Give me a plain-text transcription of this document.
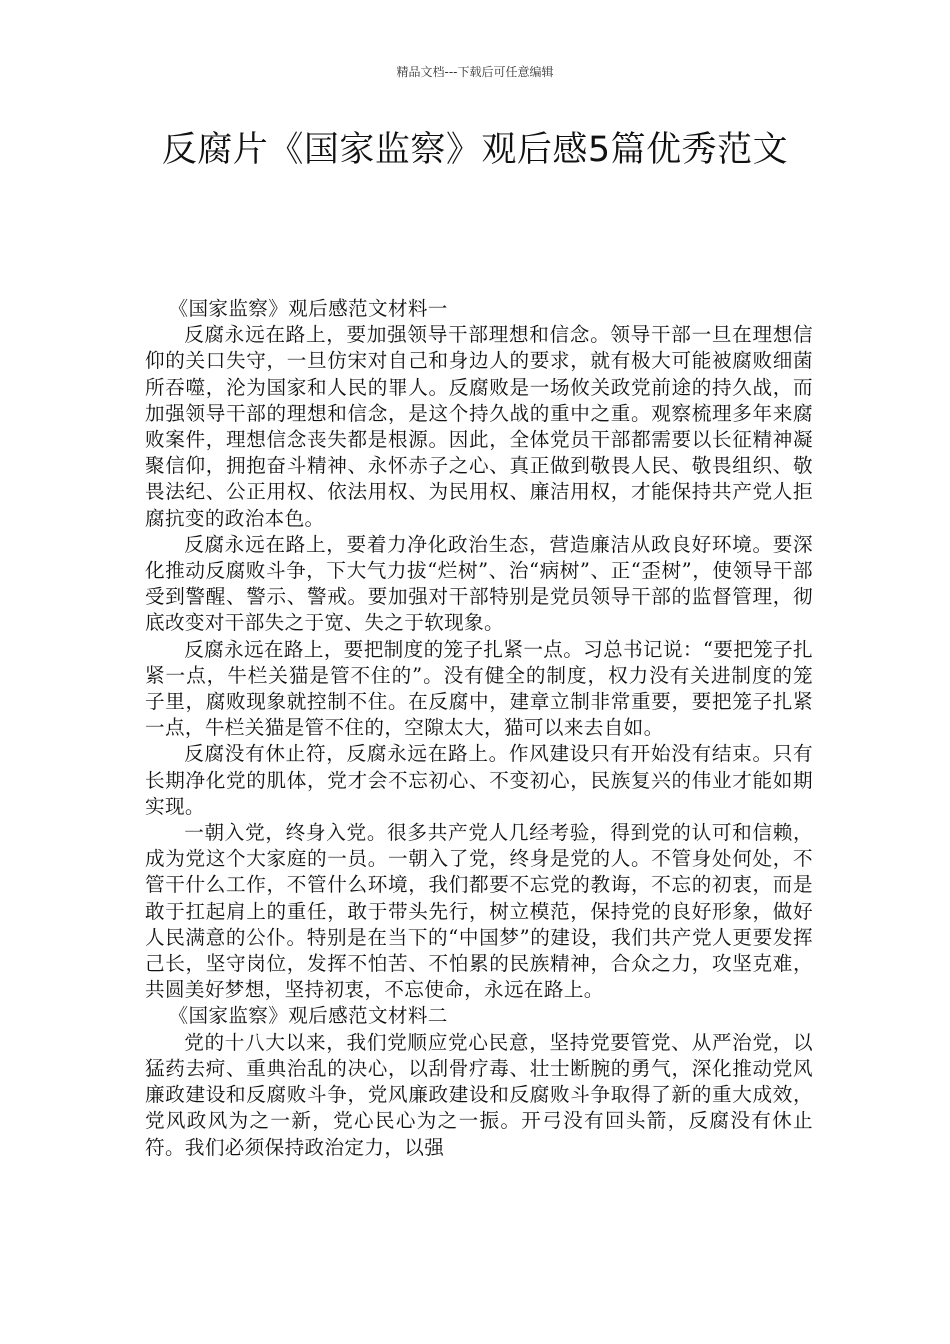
精品文档---下载后可任意编辑
反腐片《国家监察》观后感5篇优秀范文

《国家监察》观后感范文材料一

反腐永远在路上，要加强领导干部理想和信念。领导干部一旦在理想信仰的关口失守，一旦仿宋对自己和身边人的要求，就有极大可能被腐败细菌所吞噬，沦为国家和人民的罪人。反腐败是一场攸关政党前途的持久战，而加强领导干部的理想和信念，是这个持久战的重中之重。观察梳理多年来腐败案件，理想信念丧失都是根源。因此，全体党员干部都需要以长征精神凝聚信仰，拥抱奋斗精神、永怀赤子之心、真正做到敬畏人民、敬畏组织、敬畏法纪、公正用权、依法用权、为民用权、廉洁用权，才能保持共产党人拒腐抗变的政治本色。

反腐永远在路上，要着力净化政治生态，营造廉洁从政良好环境。要深化推动反腐败斗争，下大气力拔“烂树”、治“病树”、正“歪树”，使领导干部受到警醒、警示、警戒。要加强对干部特别是党员领导干部的监督管理，彻底改变对干部失之于宽、失之于软现象。

反腐永远在路上，要把制度的笼子扎紧一点。习总书记说：“要把笼子扎紧一点，牛栏关猫是管不住的”。没有健全的制度，权力没有关进制度的笼子里，腐败现象就控制不住。在反腐中，建章立制非常重要，要把笼子扎紧一点，牛栏关猫是管不住的，空隙太大，猫可以来去自如。

反腐没有休止符，反腐永远在路上。作风建设只有开始没有结束。只有长期净化党的肌体，党才会不忘初心、不变初心，民族复兴的伟业才能如期实现。

一朝入党，终身入党。很多共产党人几经考验，得到党的认可和信赖，成为党这个大家庭的一员。一朝入了党，终身是党的人。不管身处何处，不管干什么工作，不管什么环境，我们都要不忘党的教诲，不忘的初衷，而是敢于扛起肩上的重任，敢于带头先行，树立模范，保持党的良好形象，做好人民满意的公仆。特别是在当下的“中国梦”的建设，我们共产党人更要发挥己长，坚守岗位，发挥不怕苦、不怕累的民族精神，合众之力，攻坚克难，共圆美好梦想，坚持初衷，不忘使命，永远在路上。

《国家监察》观后感范文材料二

党的十八大以来，我们党顺应党心民意，坚持党要管党、从严治党，以猛药去疴、重典治乱的决心，以刮骨疗毒、壮士断腕的勇气，深化推动党风廉政建设和反腐败斗争，党风廉政建设和反腐败斗争取得了新的重大成效，党风政风为之一新，党心民心为之一振。开弓没有回头箭，反腐没有休止符。我们必须保持政治定力，以强
